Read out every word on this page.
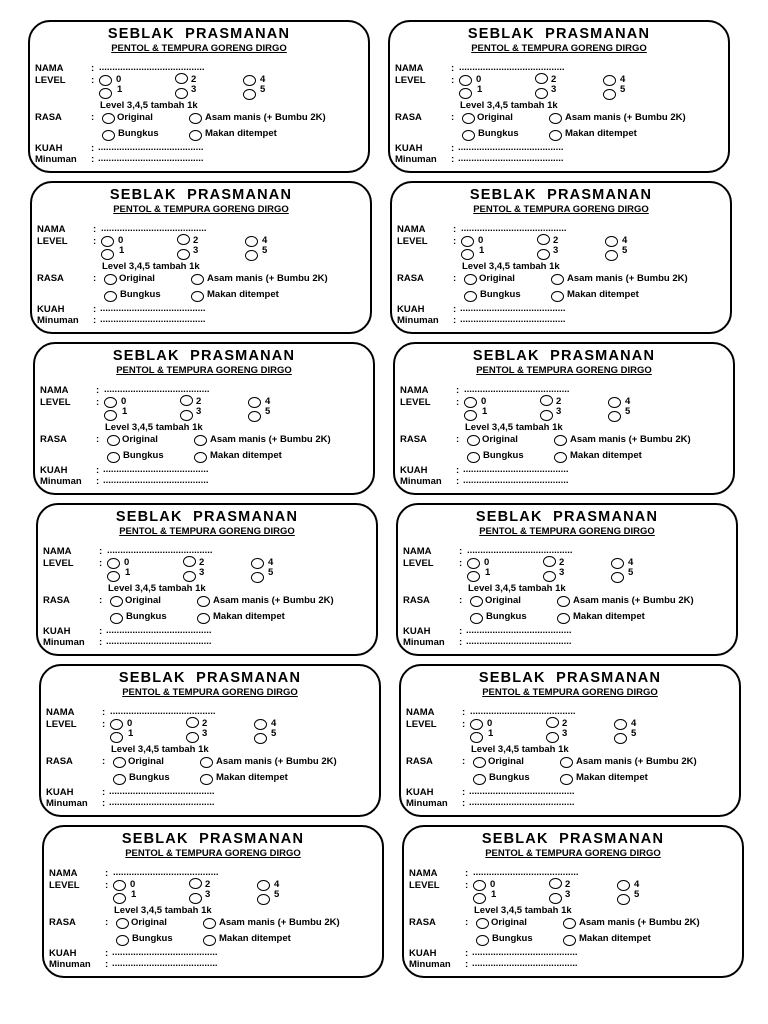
SEBLAK  PRASMANAN
PENTOL & TEMPURA GORENG DIRGO
NAMA	: ........................................
LEVEL	: 0
1
2
3
4
5
Level 3,4,5 tambah 1k
RASA	: Original	Asam manis (+ Bumbu 2K)
Bungkus	Makan ditempet
KUAH	: ........................................
Minuman : ........................................
SEBLAK  PRASMANAN
PENTOL & TEMPURA GORENG DIRGO
NAMA	: ........................................
LEVEL	: 0
1
2
3
4
5
Level 3,4,5 tambah 1k
RASA	: Original	Asam manis (+ Bumbu 2K)
Bungkus	Makan ditempet
KUAH	: ........................................
Minuman : ........................................
SEBLAK  PRASMANAN
PENTOL & TEMPURA GORENG DIRGO
NAMA	: ........................................
LEVEL	: 0
1
2
3
4
5
Level 3,4,5 tambah 1k
RASA	: Original	Asam manis (+ Bumbu 2K)
Bungkus	Makan ditempet
KUAH	: ........................................
Minuman : ........................................
SEBLAK  PRASMANAN
PENTOL & TEMPURA GORENG DIRGO
NAMA	: ........................................
LEVEL	: 0
1
2
3
4
5
Level 3,4,5 tambah 1k
RASA	: Original	Asam manis (+ Bumbu 2K)
Bungkus	Makan ditempet
KUAH	: ........................................
Minuman : ........................................
SEBLAK  PRASMANAN
PENTOL & TEMPURA GORENG DIRGO
NAMA	: ........................................
LEVEL	: 0
1
2
3
4
5
Level 3,4,5 tambah 1k
RASA	: Original	Asam manis (+ Bumbu 2K)
Bungkus	Makan ditempet
KUAH	: ........................................
Minuman : ........................................
SEBLAK  PRASMANAN
PENTOL & TEMPURA GORENG DIRGO
NAMA	: ........................................
LEVEL	: 0
1
2
3
4
5
Level 3,4,5 tambah 1k
RASA	: Original	Asam manis (+ Bumbu 2K)
Bungkus	Makan ditempet
KUAH	: ........................................
Minuman : ........................................
SEBLAK  PRASMANAN
PENTOL & TEMPURA GORENG DIRGO
NAMA	: ........................................
LEVEL	: 0
1
2
3
4
5
Level 3,4,5 tambah 1k
RASA	: Original	Asam manis (+ Bumbu 2K)
Bungkus	Makan ditempet
KUAH	: ........................................
Minuman : ........................................
SEBLAK  PRASMANAN
PENTOL & TEMPURA GORENG DIRGO
NAMA	: ........................................
LEVEL	: 0
1
2
3
4
5
Level 3,4,5 tambah 1k
RASA	: Original	Asam manis (+ Bumbu 2K)
Bungkus	Makan ditempet
KUAH	: ........................................
Minuman : ........................................
SEBLAK  PRASMANAN
PENTOL & TEMPURA GORENG DIRGO
NAMA	: ........................................
LEVEL	: 0
1
2
3
4
5
Level 3,4,5 tambah 1k
RASA	: Original	Asam manis (+ Bumbu 2K)
Bungkus	Makan ditempet
KUAH	: ........................................
Minuman : ........................................
SEBLAK  PRASMANAN
PENTOL & TEMPURA GORENG DIRGO
NAMA	: ........................................
LEVEL	: 0
1
2
3
4
5
Level 3,4,5 tambah 1k
RASA	: Original	Asam manis (+ Bumbu 2K)
Bungkus	Makan ditempet
KUAH	: ........................................
Minuman : ........................................
SEBLAK  PRASMANAN
PENTOL & TEMPURA GORENG DIRGO
NAMA	: ........................................
LEVEL	: 0
1
2
3
4
5
Level 3,4,5 tambah 1k
RASA	: Original	Asam manis (+ Bumbu 2K)
Bungkus	Makan ditempet
KUAH	: ........................................
Minuman : ........................................
SEBLAK  PRASMANAN
PENTOL & TEMPURA GORENG DIRGO
NAMA	: ........................................
LEVEL	: 0
1
2
3
4
5
Level 3,4,5 tambah 1k
RASA	: Original	Asam manis (+ Bumbu 2K)
Bungkus	Makan ditempet
KUAH	: ........................................
Minuman : ........................................
